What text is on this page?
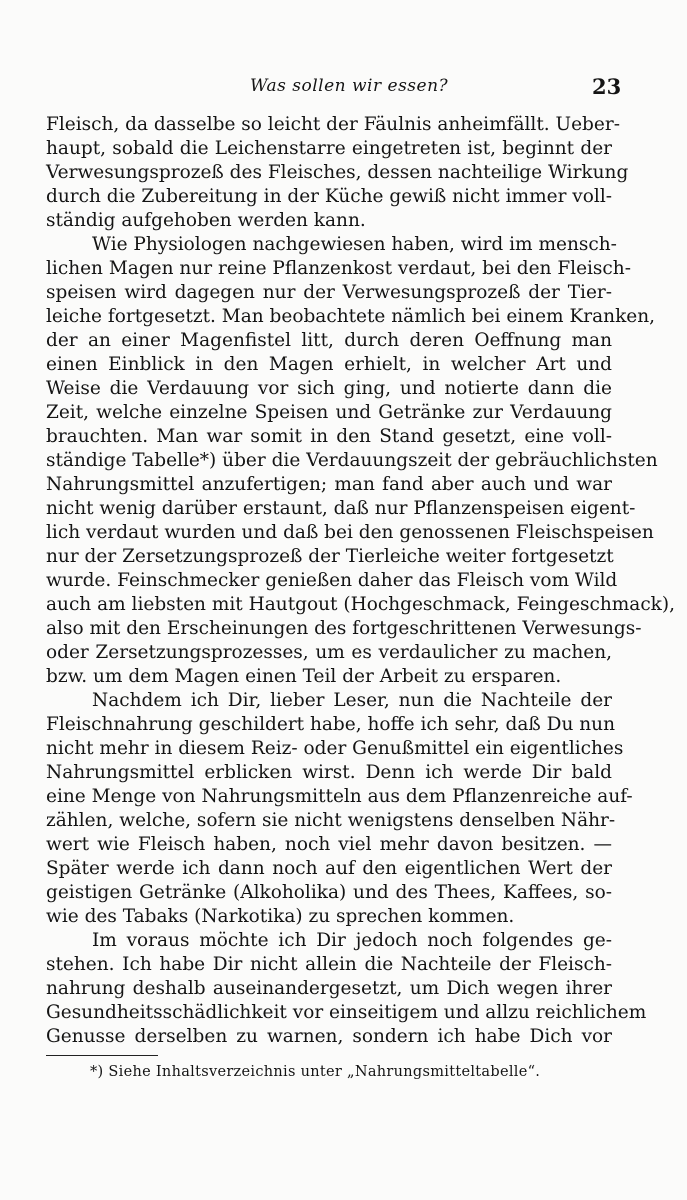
Was sollen wir essen?	23
Fleisch, da dasselbe so leicht der Fäulnis anheimfällt. Ueber-
haupt, sobald die Leichenstarre eingetreten ist, beginnt der
Verwesungsprozeß des Fleisches, dessen nachteilige Wirkung
durch die Zubereitung in der Küche gewiß nicht immer voll-
ständig aufgehoben werden kann.
Wie Physiologen nachgewiesen haben, wird im mensch-
lichen Magen nur reine Pflanzenkost verdaut, bei den Fleisch-
speisen wird dagegen nur der Verwesungsprozeß der Tier-
leiche fortgesetzt. Man beobachtete nämlich bei einem Kranken,
der an einer Magenfistel litt, durch deren Oeffnung man
einen Einblick in den Magen erhielt, in welcher Art und
Weise die Verdauung vor sich ging, und notierte dann die
Zeit, welche einzelne Speisen und Getränke zur Verdauung
brauchten. Man war somit in den Stand gesetzt, eine voll-
ständige Tabelle*) über die Verdauungszeit der gebräuchlichsten
Nahrungsmittel anzufertigen; man fand aber auch und war
nicht wenig darüber erstaunt, daß nur Pflanzenspeisen eigent-
lich verdaut wurden und daß bei den genossenen Fleischspeisen
nur der Zersetzungsprozeß der Tierleiche weiter fortgesetzt
wurde. Feinschmecker genießen daher das Fleisch vom Wild
auch am liebsten mit Hautgout (Hochgeschmack, Feingeschmack),
also mit den Erscheinungen des fortgeschrittenen Verwesungs-
oder Zersetzungsprozesses, um es verdaulicher zu machen,
bzw. um dem Magen einen Teil der Arbeit zu ersparen.
Nachdem ich Dir, lieber Leser, nun die Nachteile der
Fleischnahrung geschildert habe, hoffe ich sehr, daß Du nun
nicht mehr in diesem Reiz- oder Genußmittel ein eigentliches
Nahrungsmittel erblicken wirst. Denn ich werde Dir bald
eine Menge von Nahrungsmitteln aus dem Pflanzenreiche auf-
zählen, welche, sofern sie nicht wenigstens denselben Nähr-
wert wie Fleisch haben, noch viel mehr davon besitzen. —
Später werde ich dann noch auf den eigentlichen Wert der
geistigen Getränke (Alkoholika) und des Thees, Kaffees, so-
wie des Tabaks (Narkotika) zu sprechen kommen.
Im voraus möchte ich Dir jedoch noch folgendes ge-
stehen. Ich habe Dir nicht allein die Nachteile der Fleisch-
nahrung deshalb auseinandergesetzt, um Dich wegen ihrer
Gesundheitsschädlichkeit vor einseitigem und allzu reichlichem
Genusse derselben zu warnen, sondern ich habe Dich vor
*) Siehe Inhaltsverzeichnis unter „Nahrungsmitteltabelle“.
